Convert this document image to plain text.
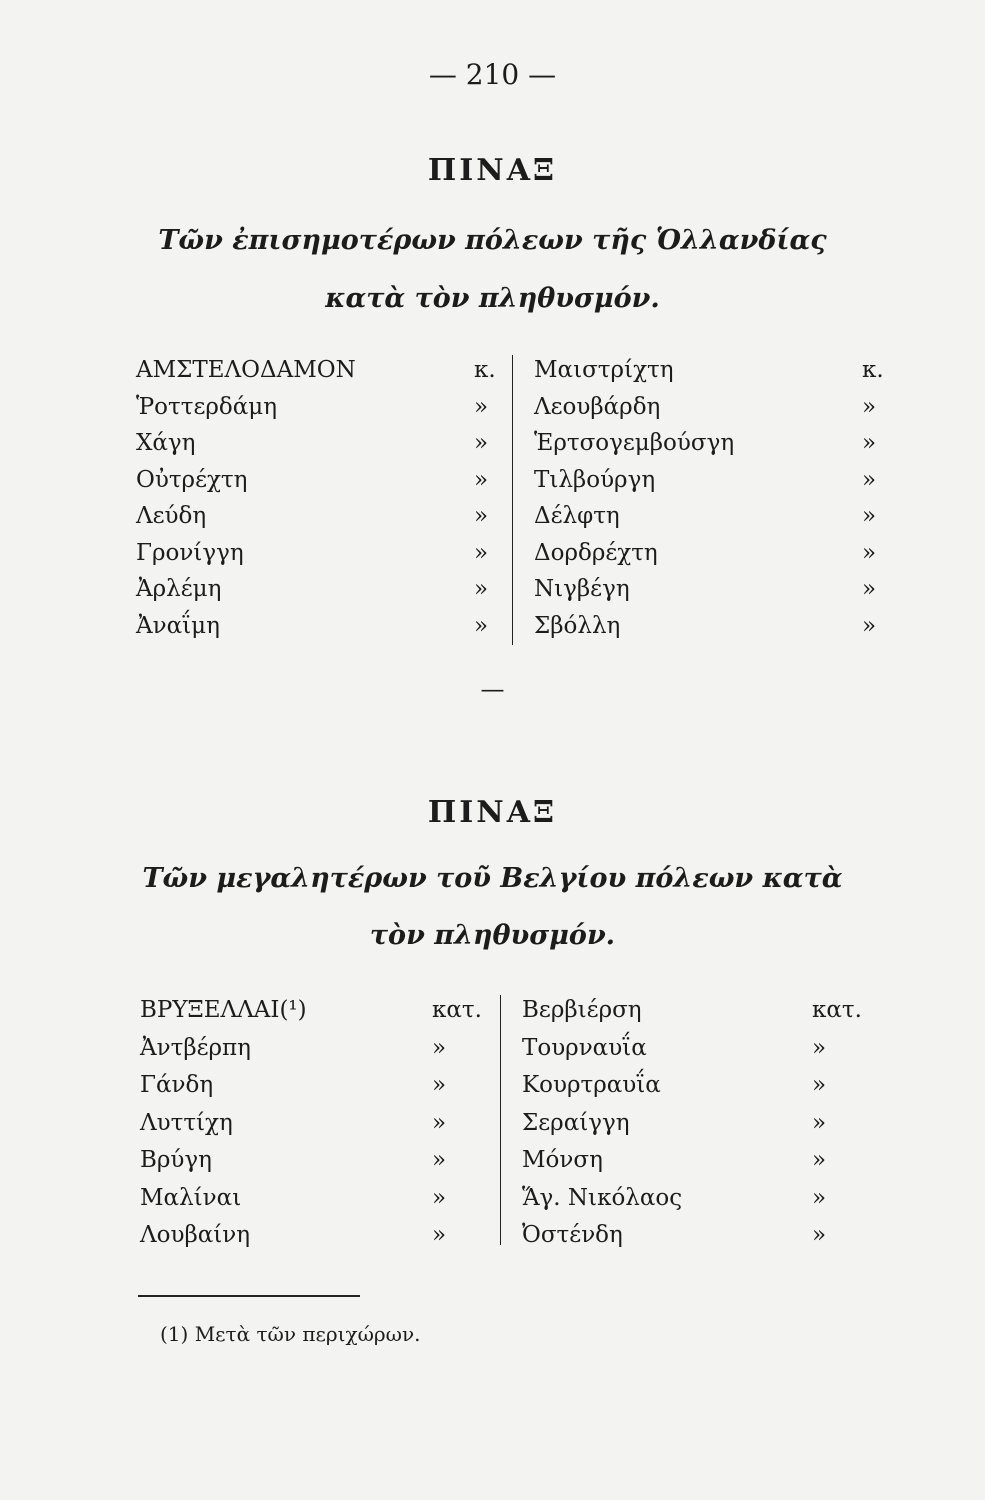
— 210 —
ΠΙΝΑΞ
Τῶν ἐπισημοτέρων πόλεων τῆς Ὁλλανδίας
κατὰ τὸν πληθυσμόν.
ΑΜΣΤΕΛΟΔΑΜΟΝ	κ.
Ῥοττερδάμη	»
Χάγη	»
Οὐτρέχτη	»
Λεύδη	»
Γρονίγγη	»
Ἀρλέμη	»
Ἀναΐμη	»
Μαιστρίχτη	κ.
Λεουβάρδη	»
Ἑρτσογεμβούσγη	»
Τιλβούργη	»
Δέλφτη	»
Δορδρέχτη	»
Νιγβέγη	»
Σβόλλη	»
—
ΠΙΝΑΞ
Τῶν μεγαλητέρων τοῦ Βελγίου πόλεων κατὰ
τὸν πληθυσμόν.
ΒΡΥΞΕΛΛΑΙ(¹)	κατ.
Ἀντβέρπη	»
Γάνδη	»
Λυττίχη	»
Βρύγη	»
Μαλίναι	»
Λουβαίνη	»
Βερβιέρση	κατ.
Τουρναυΐα	»
Κουρτραυΐα	»
Σεραίγγη	»
Μόνση	»
Ἅγ. Νικόλαος	»
Ὀστένδη	»
(1) Μετὰ τῶν περιχώρων.
